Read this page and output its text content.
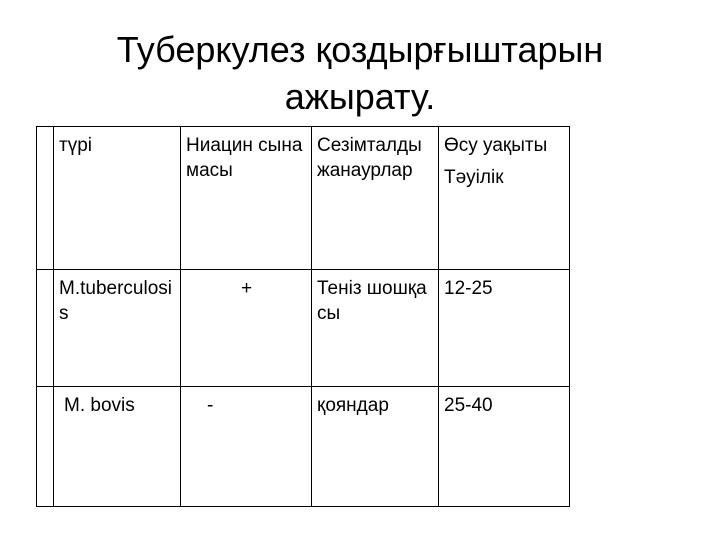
Туберкулез қоздырғыштарын ажырату.

	түрі	Ниацин сынамасы	Сезімталды жанаурлар	Өсу уақыты
Тәуілік

	M.tuberculosis	+	Теніз шошқасы	12-25

	M. bovis	-	қояндар	25-40
